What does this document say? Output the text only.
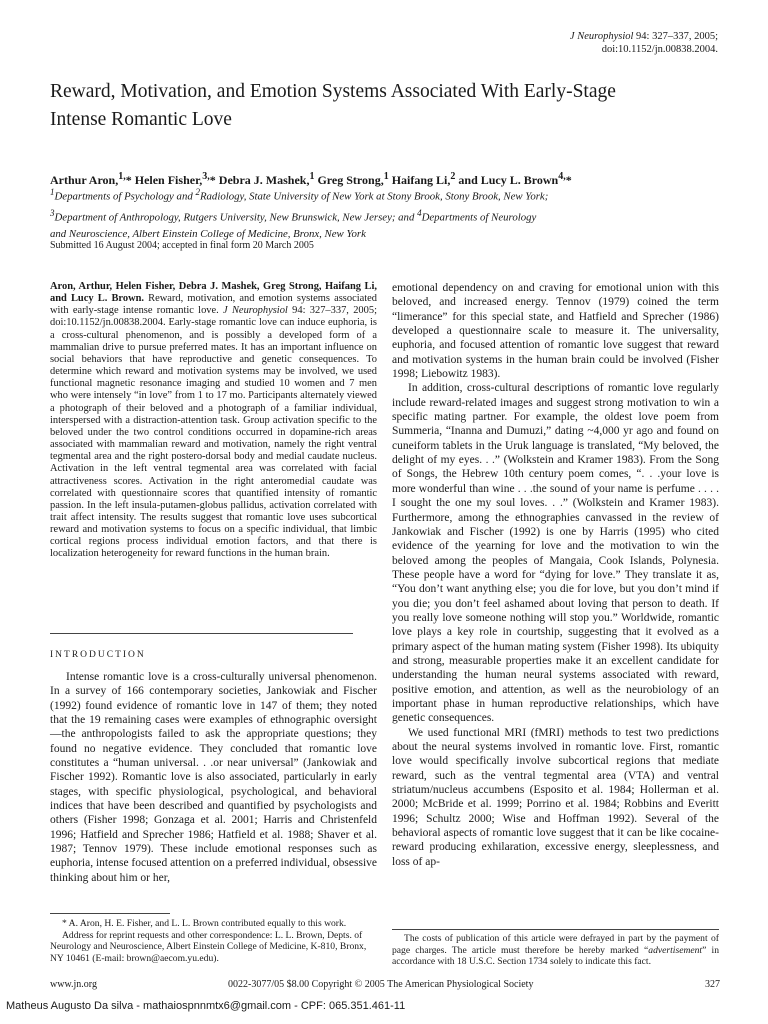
J Neurophysiol 94: 327–337, 2005;
doi:10.1152/jn.00838.2004.
Reward, Motivation, and Emotion Systems Associated With Early-Stage
Intense Romantic Love
Arthur Aron,$^{1,}$* Helen Fisher,$^{3,}$* Debra J. Mashek,$^1$ Greg Strong,$^1$ Haifang Li,$^2$ and Lucy L. Brown$^{4,}$*
$^1$Departments of Psychology and $^2$Radiology, State University of New York at Stony Brook, Stony Brook, New York;
$^3$Department of Anthropology, Rutgers University, New Brunswick, New Jersey; and $^4$Departments of Neurology
and Neuroscience, Albert Einstein College of Medicine, Bronx, New York
Submitted 16 August 2004; accepted in final form 20 March 2005
Aron, Arthur, Helen Fisher, Debra J. Mashek, Greg Strong, Haifang Li, and Lucy L. Brown. Reward, motivation, and emotion systems associated with early-stage intense romantic love. J Neurophysiol 94: 327–337, 2005; doi:10.1152/jn.00838.2004. Early-stage romantic love can induce euphoria, is a cross-cultural phenomenon, and is possibly a developed form of a mammalian drive to pursue preferred mates. It has an important influence on social behaviors that have reproductive and genetic consequences. To determine which reward and motivation systems may be involved, we used functional magnetic resonance imaging and studied 10 women and 7 men who were intensely “in love” from 1 to 17 mo. Participants alternately viewed a photograph of their beloved and a photograph of a familiar individual, interspersed with a distraction-attention task. Group activation specific to the beloved under the two control conditions occurred in dopamine-rich areas associated with mammalian reward and motivation, namely the right ventral tegmental area and the right postero-dorsal body and medial caudate nucleus. Activation in the left ventral tegmental area was correlated with facial attractiveness scores. Activation in the right anteromedial caudate was correlated with questionnaire scores that quantified intensity of romantic passion. In the left insula-putamen-globus pallidus, activation correlated with trait affect intensity. The results suggest that romantic love uses subcortical reward and motivation systems to focus on a specific individual, that limbic cortical regions process individual emotion factors, and that there is localization heterogeneity for reward functions in the human brain.
INTRODUCTION

Intense romantic love is a cross-culturally universal phenomenon. In a survey of 166 contemporary societies, Jankowiak and Fischer (1992) found evidence of romantic love in 147 of them; they noted that the 19 remaining cases were examples of ethnographic oversight—the anthropologists failed to ask the appropriate questions; they found no negative evidence. They concluded that romantic love constitutes a “human universal. . .or near universal” (Jankowiak and Fischer 1992). Romantic love is also associated, particularly in early stages, with specific physiological, psychological, and behavioral indices that have been described and quantified by psychologists and others (Fisher 1998; Gonzaga et al. 2001; Harris and Christenfeld 1996; Hatfield and Sprecher 1986; Hatfield et al. 1988; Shaver et al. 1987; Tennov 1979). These include emotional responses such as euphoria, intense focused attention on a preferred individual, obsessive thinking about him or her,

emotional dependency on and craving for emotional union with this beloved, and increased energy. Tennov (1979) coined the term “limerance” for this special state, and Hatfield and Sprecher (1986) developed a questionnaire scale to measure it. The universality, euphoria, and focused attention of romantic love suggest that reward and motivation systems in the human brain could be involved (Fisher 1998; Liebowitz 1983).

In addition, cross-cultural descriptions of romantic love regularly include reward-related images and suggest strong motivation to win a specific mating partner. For example, the oldest love poem from Summeria, “Inanna and Dumuzi,” dating ~4,000 yr ago and found on cuneiform tablets in the Uruk language is translated, “My beloved, the delight of my eyes. . .” (Wolkstein and Kramer 1983). From the Song of Songs, the Hebrew 10th century poem comes, “. . .your love is more wonderful than wine . . .the sound of your name is perfume . . . . I sought the one my soul loves. . .” (Wolkstein and Kramer 1983). Furthermore, among the ethnographies canvassed in the review of Jankowiak and Fischer (1992) is one by Harris (1995) who cited evidence of the yearning for love and the motivation to win the beloved among the peoples of Mangaia, Cook Islands, Polynesia. These people have a word for “dying for love.” They translate it as, “You don’t want anything else; you die for love, but you don’t mind if you die; you don’t feel ashamed about loving that person to death. If you really love someone nothing will stop you.” Worldwide, romantic love plays a key role in courtship, suggesting that it evolved as a primary aspect of the human mating system (Fisher 1998). Its ubiquity and strong, measurable properties make it an excellent candidate for understanding the human neural systems associated with reward, positive emotion, and attention, as well as the neurobiology of an important phase in human reproductive relationships, which have genetic consequences.

We used functional MRI (fMRI) methods to test two predictions about the neural systems involved in romantic love. First, romantic love would specifically involve subcortical regions that mediate reward, such as the ventral tegmental area (VTA) and ventral striatum/nucleus accumbens (Esposito et al. 1984; Hollerman et al. 2000; McBride et al. 1999; Porrino et al. 1984; Robbins and Everitt 1996; Schultz 2000; Wise and Hoffman 1992). Several of the behavioral aspects of romantic love suggest that it can be like cocaine-reward producing exhilaration, excessive energy, sleeplessness, and loss of ap-

* A. Aron, H. E. Fisher, and L. L. Brown contributed equally to this work.

Address for reprint requests and other correspondence: L. L. Brown, Depts. of Neurology and Neuroscience, Albert Einstein College of Medicine, K-810, Bronx, NY 10461 (E-mail: brown@aecom.yu.edu).

The costs of publication of this article were defrayed in part by the payment of page charges. The article must therefore be hereby marked “advertisement” in accordance with 18 U.S.C. Section 1734 solely to indicate this fact.

www.jn.org	0022-3077/05 $8.00 Copyright © 2005 The American Physiological Society	327
Matheus Augusto Da silva - mathaiospnnmtx6@gmail.com - CPF: 065.351.461-11
